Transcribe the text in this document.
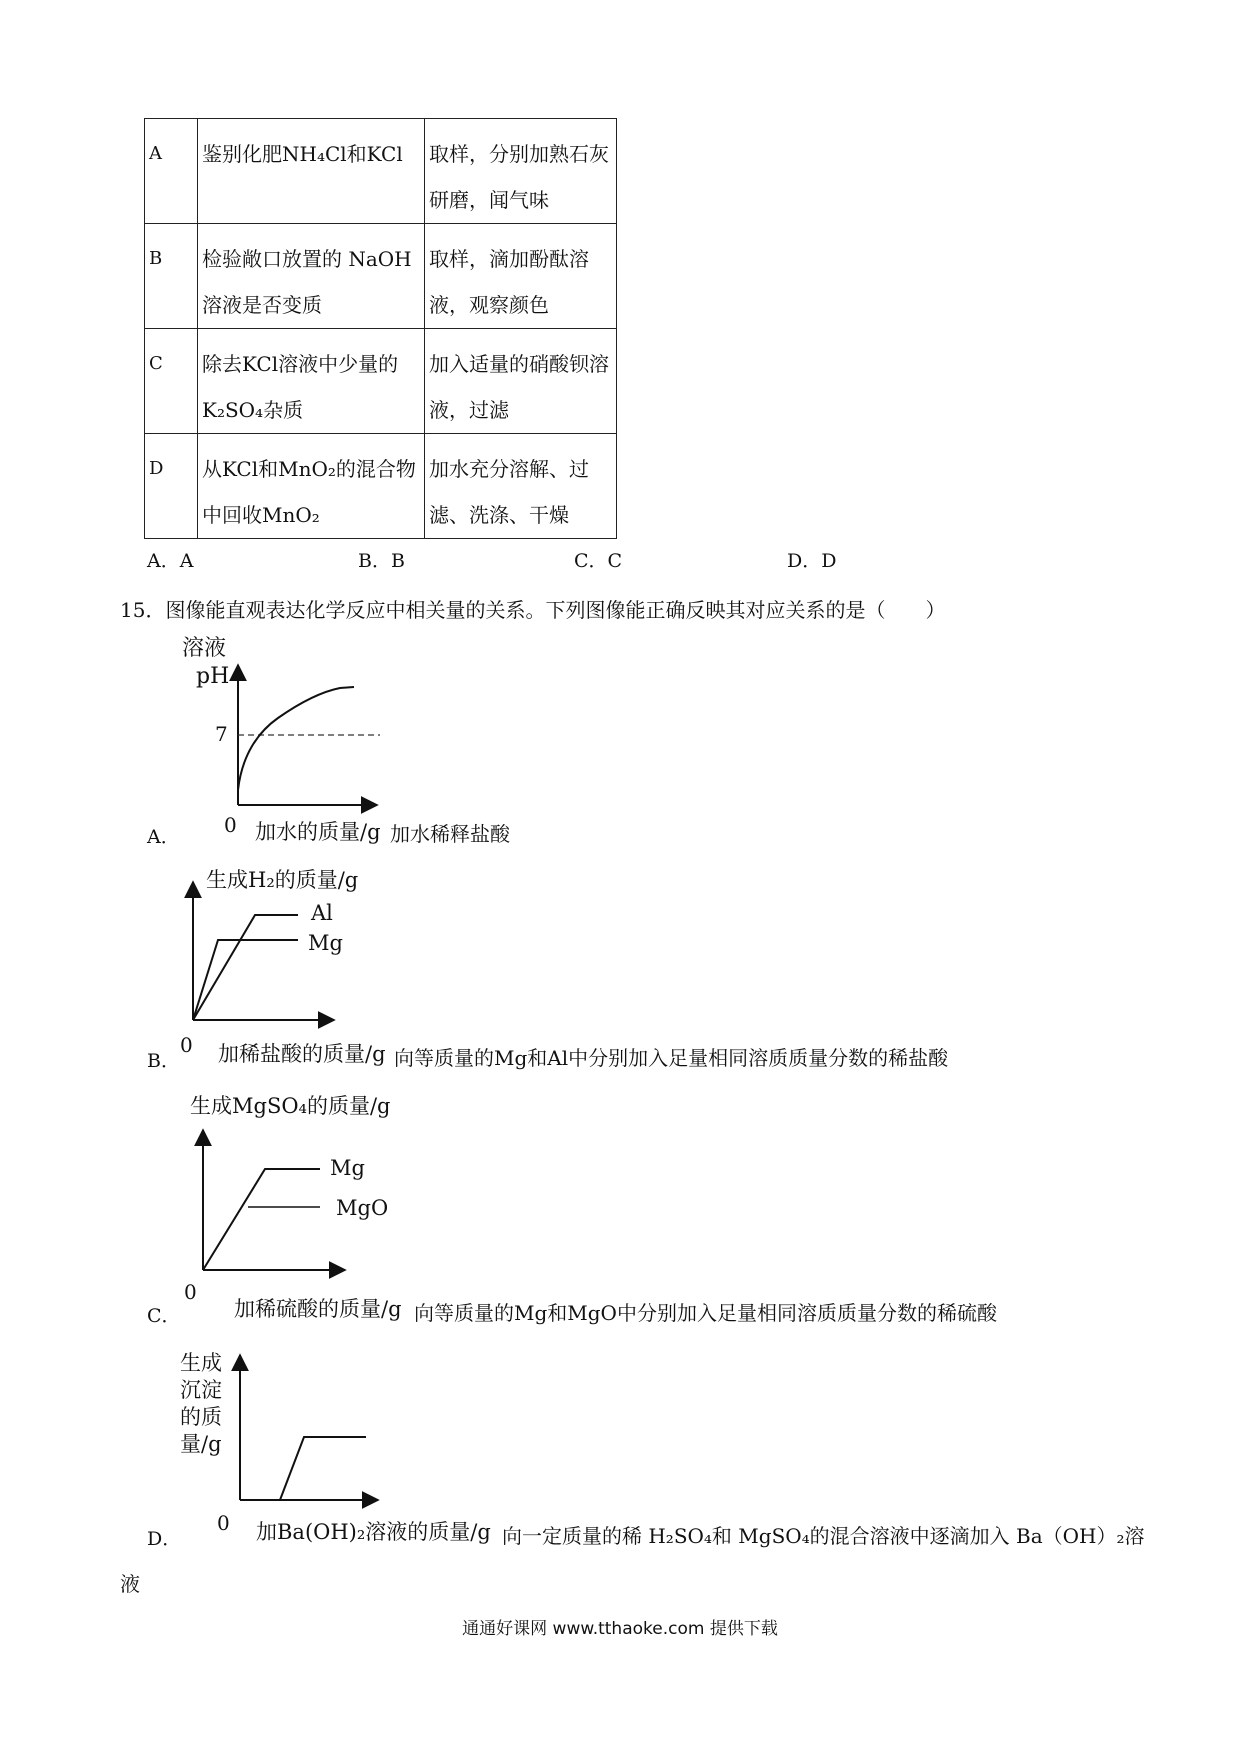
A	鉴别化肥NH₄Cl和KCl	取样，分别加熟石灰研磨，闻气味
B	检验敞口放置的 NaOH溶液是否变质	取样，滴加酚酞溶液，观察颜色
C	除去KCl溶液中少量的K₂SO₄杂质	加入适量的硝酸钡溶液，过滤
D	从KCl和MnO₂的混合物中回收MnO₂	加水充分溶解、过滤、洗涤、干燥
A．A	B．B	C．C	D．D
15．图像能直观表达化学反应中相关量的关系。下列图像能正确反映其对应关系的是（　　）
溶液
pH
7
0
A．	加水的质量/g 加水稀释盐酸
生成H₂的质量/g
Al
Mg
0
B． 加稀盐酸的质量/g 向等质量的Mg和Al中分别加入足量相同溶质质量分数的稀盐酸
生成MgSO₄的质量/g
Mg
MgO
0
C．	加稀硫酸的质量/g 向等质量的Mg和MgO中分别加入足量相同溶质质量分数的稀硫酸
生成
沉淀
的质
量/g
0
D．	加Ba(OH)₂溶液的质量/g 向一定质量的稀 H₂SO₄和 MgSO₄的混合溶液中逐滴加入 Ba（OH）₂溶
液
通通好课网 www.tthaoke.com 提供下载
